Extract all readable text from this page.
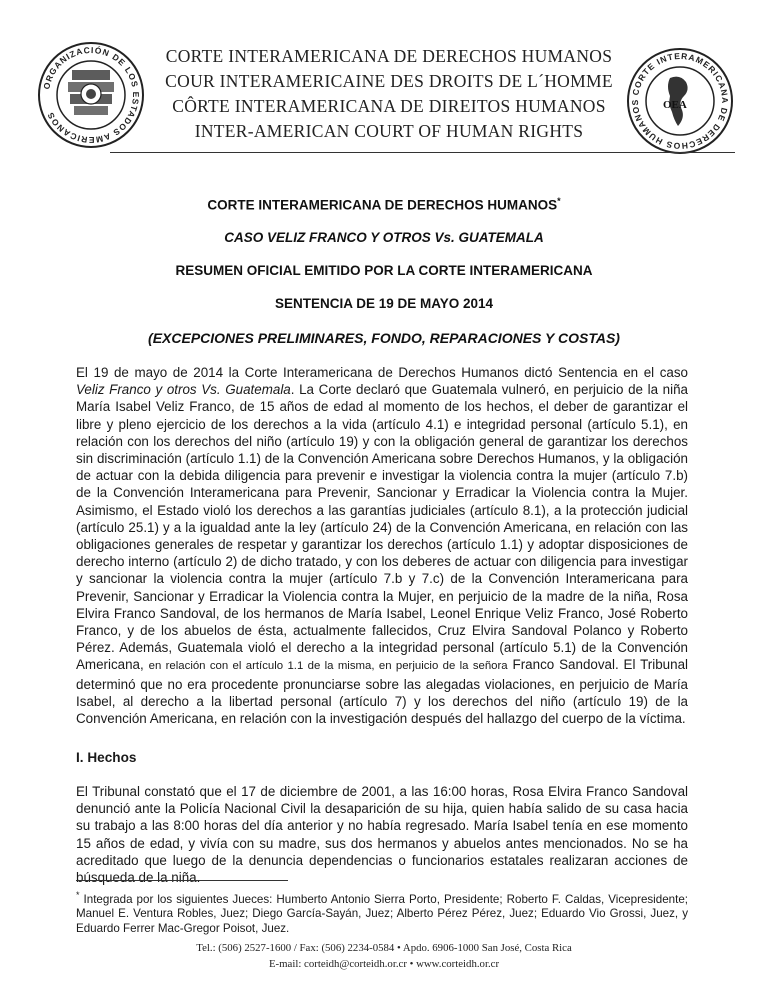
ORGANIZACIÓN DE LOS ESTADOS AMERICANOS
CORTE INTERAMERICANA DE DERECHOS HUMANOS	OEA
CORTE INTERAMERICANA DE DERECHOS HUMANOS
COUR INTERAMERICAINE DES DROITS DE L´HOMME
CÔRTE INTERAMERICANA DE DIREITOS HUMANOS
INTER-AMERICAN COURT OF HUMAN RIGHTS
CORTE INTERAMERICANA DE DERECHOS HUMANOS*
CASO VELIZ FRANCO Y OTROS Vs. GUATEMALA
RESUMEN OFICIAL EMITIDO POR LA CORTE INTERAMERICANA
SENTENCIA DE 19 DE MAYO 2014
(EXCEPCIONES PRELIMINARES, FONDO, REPARACIONES Y COSTAS)
El 19 de mayo de 2014 la Corte Interamericana de Derechos Humanos dictó Sentencia en el caso Veliz Franco y otros Vs. Guatemala. La Corte declaró que Guatemala vulneró, en perjuicio de la niña María Isabel Veliz Franco, de 15 años de edad al momento de los hechos, el deber de garantizar el libre y pleno ejercicio de los derechos a la vida (artículo 4.1) e integridad personal (artículo 5.1), en relación con los derechos del niño (artículo 19) y con la obligación general de garantizar los derechos sin discriminación (artículo 1.1) de la Convención Americana sobre Derechos Humanos, y la obligación de actuar con la debida diligencia para prevenir e investigar la violencia contra la mujer (artículo 7.b) de la Convención Interamericana para Prevenir, Sancionar y Erradicar la Violencia contra la Mujer. Asimismo, el Estado violó los derechos a las garantías judiciales (artículo 8.1), a la protección judicial (artículo 25.1) y a la igualdad ante la ley (artículo 24) de la Convención Americana, en relación con las obligaciones generales de respetar y garantizar los derechos (artículo 1.1) y adoptar disposiciones de derecho interno (artículo 2) de dicho tratado, y con los deberes de actuar con diligencia para investigar y sancionar la violencia contra la mujer (artículo 7.b y 7.c) de la Convención Interamericana para Prevenir, Sancionar y Erradicar la Violencia contra la Mujer, en perjuicio de la madre de la niña, Rosa Elvira Franco Sandoval, de los hermanos de María Isabel, Leonel Enrique Veliz Franco, José Roberto Franco, y de los abuelos de ésta, actualmente fallecidos, Cruz Elvira Sandoval Polanco y Roberto Pérez. Además, Guatemala violó el derecho a la integridad personal (artículo 5.1) de la Convención Americana, en relación con el artículo 1.1 de la misma, en perjuicio de la señora Franco Sandoval. El Tribunal determinó que no era procedente pronunciarse sobre las alegadas violaciones, en perjuicio de María Isabel, al derecho a la libertad personal (artículo 7) y los derechos del niño (artículo 19) de la Convención Americana, en relación con la investigación después del hallazgo del cuerpo de la víctima.
I. Hechos
El Tribunal constató que el 17 de diciembre de 2001, a las 16:00 horas, Rosa Elvira Franco Sandoval denunció ante la Policía Nacional Civil la desaparición de su hija, quien había salido de su casa hacia su trabajo a las 8:00 horas del día anterior y no había regresado. María Isabel tenía en ese momento 15 años de edad, y vivía con su madre, sus dos hermanos y abuelos antes mencionados. No se ha acreditado que luego de la denuncia dependencias o funcionarios estatales realizaran acciones de búsqueda de la niña.
* Integrada por los siguientes Jueces: Humberto Antonio Sierra Porto, Presidente; Roberto F. Caldas, Vicepresidente; Manuel E. Ventura Robles, Juez; Diego García-Sayán, Juez; Alberto Pérez Pérez, Juez; Eduardo Vio Grossi, Juez, y Eduardo Ferrer Mac-Gregor Poisot, Juez.
Tel.: (506) 2527-1600 / Fax: (506) 2234-0584 • Apdo. 6906-1000 San José, Costa Rica
E-mail: corteidh@corteidh.or.cr • www.corteidh.or.cr
